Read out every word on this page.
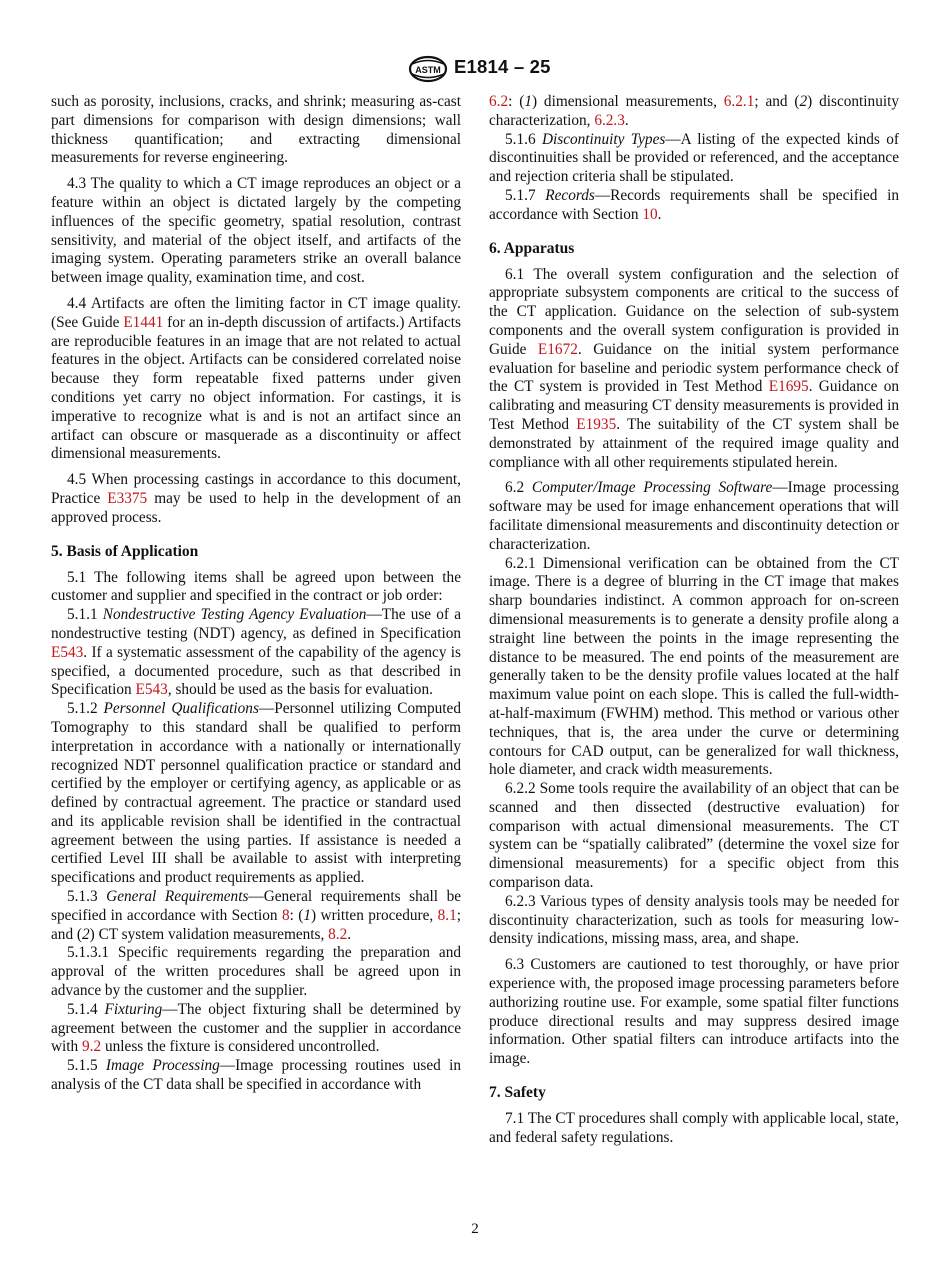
ASTM E1814 – 25

such as porosity, inclusions, cracks, and shrink; measuring as-cast part dimensions for comparison with design dimensions; wall thickness quantification; and extracting dimensional measurements for reverse engineering.

4.3 The quality to which a CT image reproduces an object or a feature within an object is dictated largely by the competing influences of the specific geometry, spatial resolution, contrast sensitivity, and material of the object itself, and artifacts of the imaging system. Operating parameters strike an overall balance between image quality, examination time, and cost.

4.4 Artifacts are often the limiting factor in CT image quality. (See Guide E1441 for an in-depth discussion of artifacts.) Artifacts are reproducible features in an image that are not related to actual features in the object. Artifacts can be considered correlated noise because they form repeatable fixed patterns under given conditions yet carry no object information. For castings, it is imperative to recognize what is and is not an artifact since an artifact can obscure or masquerade as a discontinuity or affect dimensional measurements.

4.5 When processing castings in accordance to this document, Practice E3375 may be used to help in the development of an approved process.

5. Basis of Application

5.1 The following items shall be agreed upon between the customer and supplier and specified in the contract or job order:

5.1.1 Nondestructive Testing Agency Evaluation—The use of a nondestructive testing (NDT) agency, as defined in Specification E543. If a systematic assessment of the capability of the agency is specified, a documented procedure, such as that described in Specification E543, should be used as the basis for evaluation.

5.1.2 Personnel Qualifications—Personnel utilizing Computed Tomography to this standard shall be qualified to perform interpretation in accordance with a nationally or internationally recognized NDT personnel qualification practice or standard and certified by the employer or certifying agency, as applicable or as defined by contractual agreement. The practice or standard used and its applicable revision shall be identified in the contractual agreement between the using parties. If assistance is needed a certified Level III shall be available to assist with interpreting specifications and product requirements as applied.

5.1.3 General Requirements—General requirements shall be specified in accordance with Section 8: (1) written procedure, 8.1; and (2) CT system validation measurements, 8.2.

5.1.3.1 Specific requirements regarding the preparation and approval of the written procedures shall be agreed upon in advance by the customer and the supplier.

5.1.4 Fixturing—The object fixturing shall be determined by agreement between the customer and the supplier in accordance with 9.2 unless the fixture is considered uncontrolled.

5.1.5 Image Processing—Image processing routines used in analysis of the CT data shall be specified in accordance with

6.2: (1) dimensional measurements, 6.2.1; and (2) discontinuity characterization, 6.2.3.

5.1.6 Discontinuity Types—A listing of the expected kinds of discontinuities shall be provided or referenced, and the acceptance and rejection criteria shall be stipulated.

5.1.7 Records—Records requirements shall be specified in accordance with Section 10.

6. Apparatus

6.1 The overall system configuration and the selection of appropriate subsystem components are critical to the success of the CT application. Guidance on the selection of sub-system components and the overall system configuration is provided in Guide E1672. Guidance on the initial system performance evaluation for baseline and periodic system performance check of the CT system is provided in Test Method E1695. Guidance on calibrating and measuring CT density measurements is provided in Test Method E1935. The suitability of the CT system shall be demonstrated by attainment of the required image quality and compliance with all other requirements stipulated herein.

6.2 Computer/Image Processing Software—Image processing software may be used for image enhancement operations that will facilitate dimensional measurements and discontinuity detection or characterization.

6.2.1 Dimensional verification can be obtained from the CT image. There is a degree of blurring in the CT image that makes sharp boundaries indistinct. A common approach for on-screen dimensional measurements is to generate a density profile along a straight line between the points in the image representing the distance to be measured. The end points of the measurement are generally taken to be the density profile values located at the half maximum value point on each slope. This is called the full-width-at-half-maximum (FWHM) method. This method or various other techniques, that is, the area under the curve or determining contours for CAD output, can be generalized for wall thickness, hole diameter, and crack width measurements.

6.2.2 Some tools require the availability of an object that can be scanned and then dissected (destructive evaluation) for comparison with actual dimensional measurements. The CT system can be “spatially calibrated” (determine the voxel size for dimensional measurements) for a specific object from this comparison data.

6.2.3 Various types of density analysis tools may be needed for discontinuity characterization, such as tools for measuring low-density indications, missing mass, area, and shape.

6.3 Customers are cautioned to test thoroughly, or have prior experience with, the proposed image processing parameters before authorizing routine use. For example, some spatial filter functions produce directional results and may suppress desired image information. Other spatial filters can introduce artifacts into the image.

7. Safety

7.1 The CT procedures shall comply with applicable local, state, and federal safety regulations.

2
